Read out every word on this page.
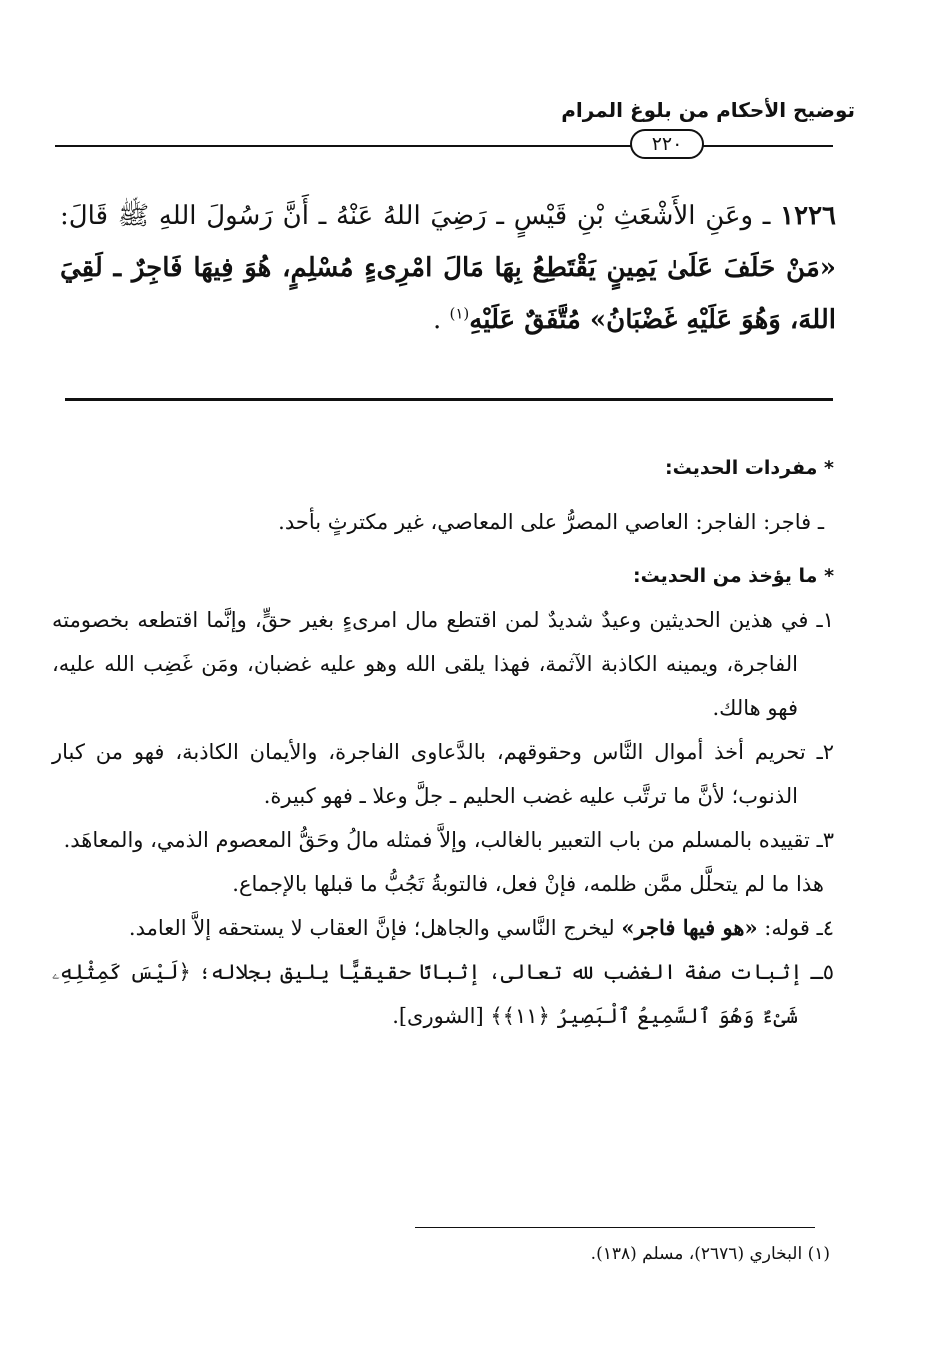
توضيح الأحكام من بلوغ المرام
٢٢٠
١٢٢٦ ـ وعَنِ الأَشْعَثِ بْنِ قَيْسٍ ـ رَضِيَ اللهُ عَنْهُ ـ أَنَّ رَسُولَ اللهِ ﷺ قَالَ: «مَنْ حَلَفَ عَلَىٰ يَمِينٍ يَقْتَطِعُ بِهَا مَالَ امْرِىءٍ مُسْلِمٍ، هُوَ فِيهَا فَاجِرٌ ـ لَقِيَ اللهَ، وَهُوَ عَلَيْهِ غَضْبَانُ» مُتَّفَقٌ عَلَيْهِ$^{(١)}$ .

* مفردات الحديث:

ـ فاجر: الفاجر: العاصي المصرُّ على المعاصي، غير مكترثٍ بأحد.

* ما يؤخذ من الحديث:

١ـ في هذين الحديثين وعيدٌ شديدٌ لمن اقتطع مال امرىءٍ بغير حقٍّ، وإنَّما اقتطعه بخصومته الفاجرة، ويمينه الكاذبة الآثمة، فهذا يلقى الله وهو عليه غضبان، ومَن غَضِب الله عليه، فهو هالك.

٢ـ تحريم أخذ أموال النَّاس وحقوقهم، بالدَّعاوى الفاجرة، والأيمان الكاذبة، فهو من كبار الذنوب؛ لأنَّ ما ترتَّب عليه غضب الحليم ـ جلَّ وعلا ـ فهو كبيرة.

٣ـ تقييده بالمسلم من باب التعبير بالغالب، وإلاَّ فمثله مالُ وحَقُّ المعصوم الذمي، والمعاهَد.

هذا ما لم يتحلَّل ممَّن ظلمه، فإنْ فعل، فالتوبةُ تَجُبُّ ما قبلها بالإجماع.

٤ـ قوله: «هو فيها فاجر» ليخرج النَّاسي والجاهل؛ فإنَّ العقاب لا يستحقه إلاَّ العامد.

٥ـ إثبات صفة الغضب لله تعالى، إثباتًا حقيقيًّا يليق بجلاله؛ ﴿لَيْسَ كَمِثْلِهِۦ شَىْءٌ وَهُوَ ٱلسَّمِيعُ ٱلْبَصِيرُ ﴿١١﴾﴾ [الشورى].

(١) البخاري (٢٦٧٦)، مسلم (١٣٨).
